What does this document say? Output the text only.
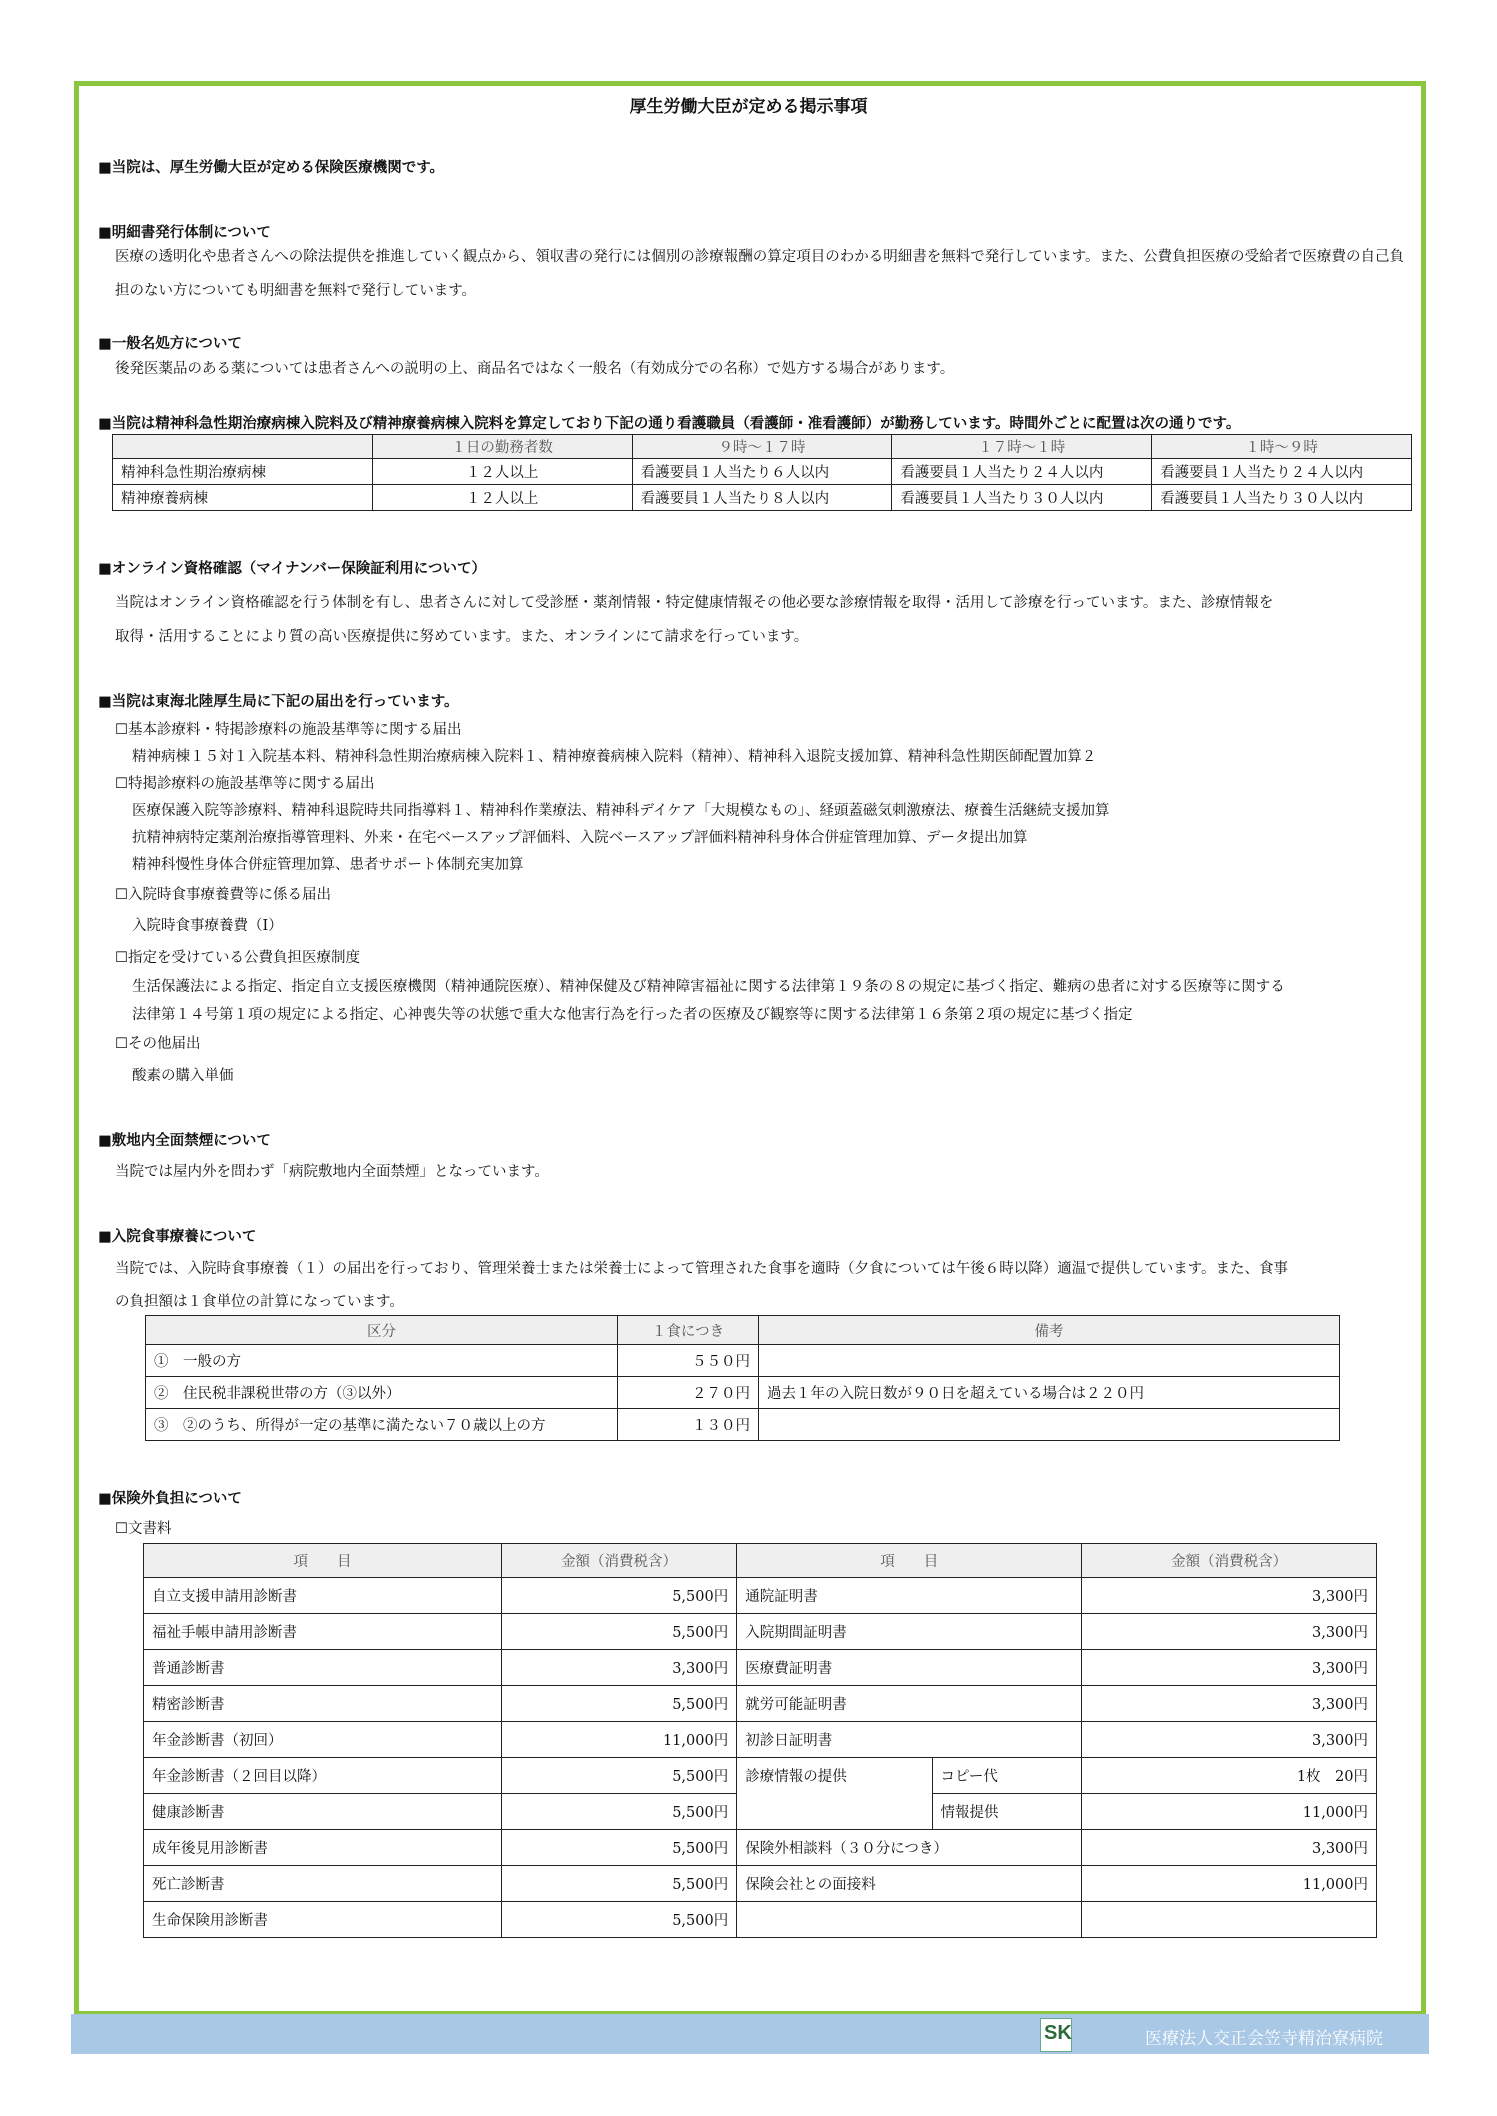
厚生労働大臣が定める掲示事項
■当院は、厚生労働大臣が定める保険医療機関です。
■明細書発行体制について
医療の透明化や患者さんへの除法提供を推進していく観点から、領収書の発行には個別の診療報酬の算定項目のわかる明細書を無料で発行しています。また、公費負担医療の受給者で医療費の自己負担のない方についても明細書を無料で発行しています。
■一般名処方について
後発医薬品のある薬については患者さんへの説明の上、商品名ではなく一般名（有効成分での名称）で処方する場合があります。
■当院は精神科急性期治療病棟入院料及び精神療養病棟入院料を算定しており下記の通り看護職員（看護師・准看護師）が勤務しています。時間外ごとに配置は次の通りです。
	１日の勤務者数	９時～１７時	１７時～１時	１時～９時
精神科急性期治療病棟	１２人以上	看護要員１人当たり６人以内	看護要員１人当たり２４人以内	看護要員１人当たり２４人以内
精神療養病棟	１２人以上	看護要員１人当たり８人以内	看護要員１人当たり３０人以内	看護要員１人当たり３０人以内
■オンライン資格確認（マイナンバー保険証利用について）
当院はオンライン資格確認を行う体制を有し、患者さんに対して受診歴・薬剤情報・特定健康情報その他必要な診療情報を取得・活用して診療を行っています。また、診療情報を
取得・活用することにより質の高い医療提供に努めています。また、オンラインにて請求を行っています。
■当院は東海北陸厚生局に下記の届出を行っています。
☐基本診療料・特掲診療料の施設基準等に関する届出
精神病棟１５対１入院基本料、精神科急性期治療病棟入院料１、精神療養病棟入院料（精神）、精神科入退院支援加算、精神科急性期医師配置加算２
☐特掲診療料の施設基準等に関する届出
医療保護入院等診療料、精神科退院時共同指導料１、精神科作業療法、精神科デイケア「大規模なもの」、経頭蓋磁気刺激療法、療養生活継続支援加算
抗精神病特定薬剤治療指導管理料、外来・在宅ベースアップ評価料、入院ベースアップ評価料精神科身体合併症管理加算、データ提出加算
精神科慢性身体合併症管理加算、患者サポート体制充実加算
☐入院時食事療養費等に係る届出
入院時食事療養費（Ⅰ）
☐指定を受けている公費負担医療制度
生活保護法による指定、指定自立支援医療機関（精神通院医療）、精神保健及び精神障害福祉に関する法律第１９条の８の規定に基づく指定、難病の患者に対する医療等に関する
法律第１４号第１項の規定による指定、心神喪失等の状態で重大な他害行為を行った者の医療及び観察等に関する法律第１６条第２項の規定に基づく指定
☐その他届出
酸素の購入単価
■敷地内全面禁煙について
当院では屋内外を問わず「病院敷地内全面禁煙」となっています。
■入院食事療養について
当院では、入院時食事療養（１）の届出を行っており、管理栄養士または栄養士によって管理された食事を適時（夕食については午後６時以降）適温で提供しています。また、食事
の負担額は１食単位の計算になっています。
区分	１食につき	備考
①　一般の方	５５０円	
②　住民税非課税世帯の方（③以外）	２７０円	過去１年の入院日数が９０日を超えている場合は２２０円
③　②のうち、所得が一定の基準に満たない７０歳以上の方	１３０円	
■保険外負担について
☐文書料
項　　目	金額（消費税含）	項　　目		金額（消費税含）
自立支援申請用診断書	5,500円	通院証明書		3,300円
福祉手帳申請用診断書	5,500円	入院期間証明書		3,300円
普通診断書	3,300円	医療費証明書		3,300円
精密診断書	5,500円	就労可能証明書		3,300円
年金診断書（初回）	11,000円	初診日証明書		3,300円
年金診断書（２回目以降）	5,500円	診療情報の提供	コピー代	1枚　20円
健康診断書	5,500円		情報提供	11,000円
成年後見用診断書	5,500円	保険外相談料（３０分につき）		3,300円
死亡診断書	5,500円	保険会社との面接料		11,000円
生命保険用診断書	5,500円			
SK	医療法人交正会笠寺精治寮病院
